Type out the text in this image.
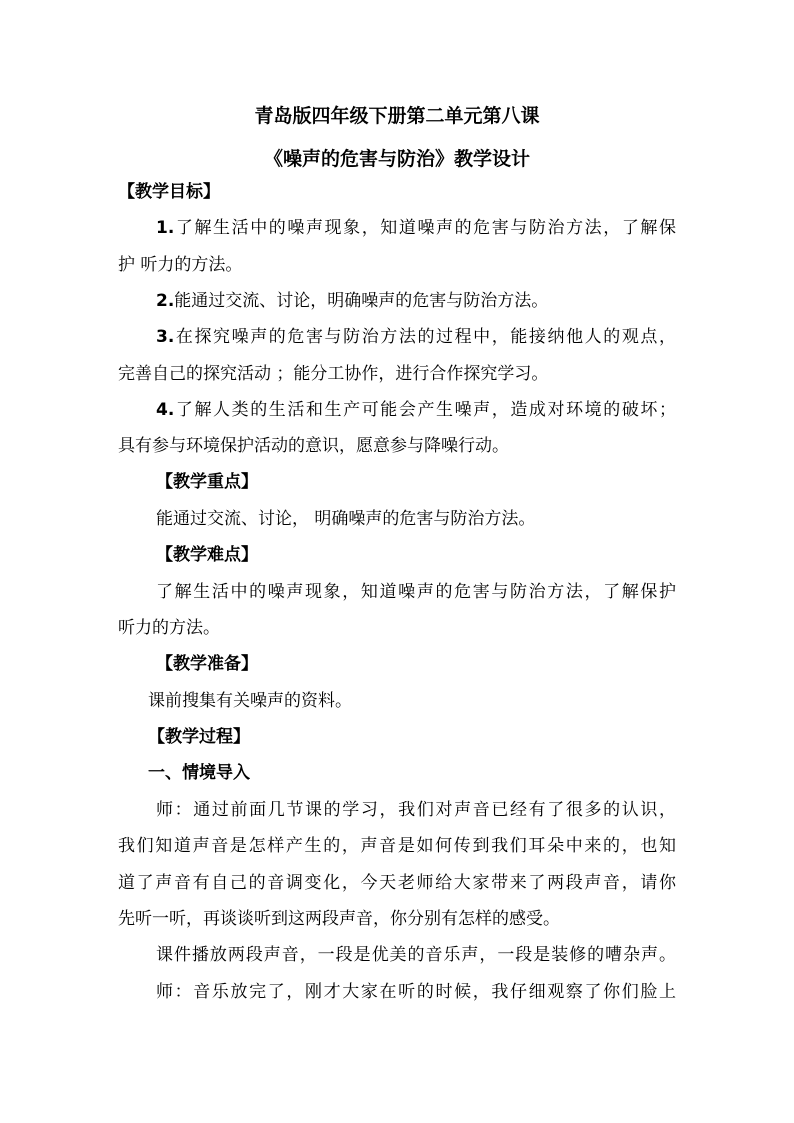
青岛版四年级下册第二单元第八课
《噪声的危害与防治》教学设计
【教学目标】
1.了解生活中的噪声现象，知道噪声的危害与防治方法，了解保
护 听力的方法。
2.能通过交流、讨论，明确噪声的危害与防治方法。
3.在探究噪声的危害与防治方法的过程中，能接纳他人的观点，
完善自己的探究活动 ；能分工协作，进行合作探究学习。
4.了解人类的生活和生产可能会产生噪声，造成对环境的破坏；
具有参与环境保护活动的意识，愿意参与降噪行动。
【教学重点】
能通过交流、讨论， 明确噪声的危害与防治方法。
【教学难点】
了解生活中的噪声现象，知道噪声的危害与防治方法，了解保护
听力的方法。
【教学准备】
课前搜集有关噪声的资料。
【教学过程】
一、情境导入
师：通过前面几节课的学习，我们对声音已经有了很多的认识，
我们知道声音是怎样产生的，声音是如何传到我们耳朵中来的，也知
道了声音有自己的音调变化，今天老师给大家带来了两段声音，请你
先听一听，再谈谈听到这两段声音，你分别有怎样的感受。
课件播放两段声音，一段是优美的音乐声，一段是装修的嘈杂声。
师：音乐放完了，刚才大家在听的时候，我仔细观察了你们脸上
